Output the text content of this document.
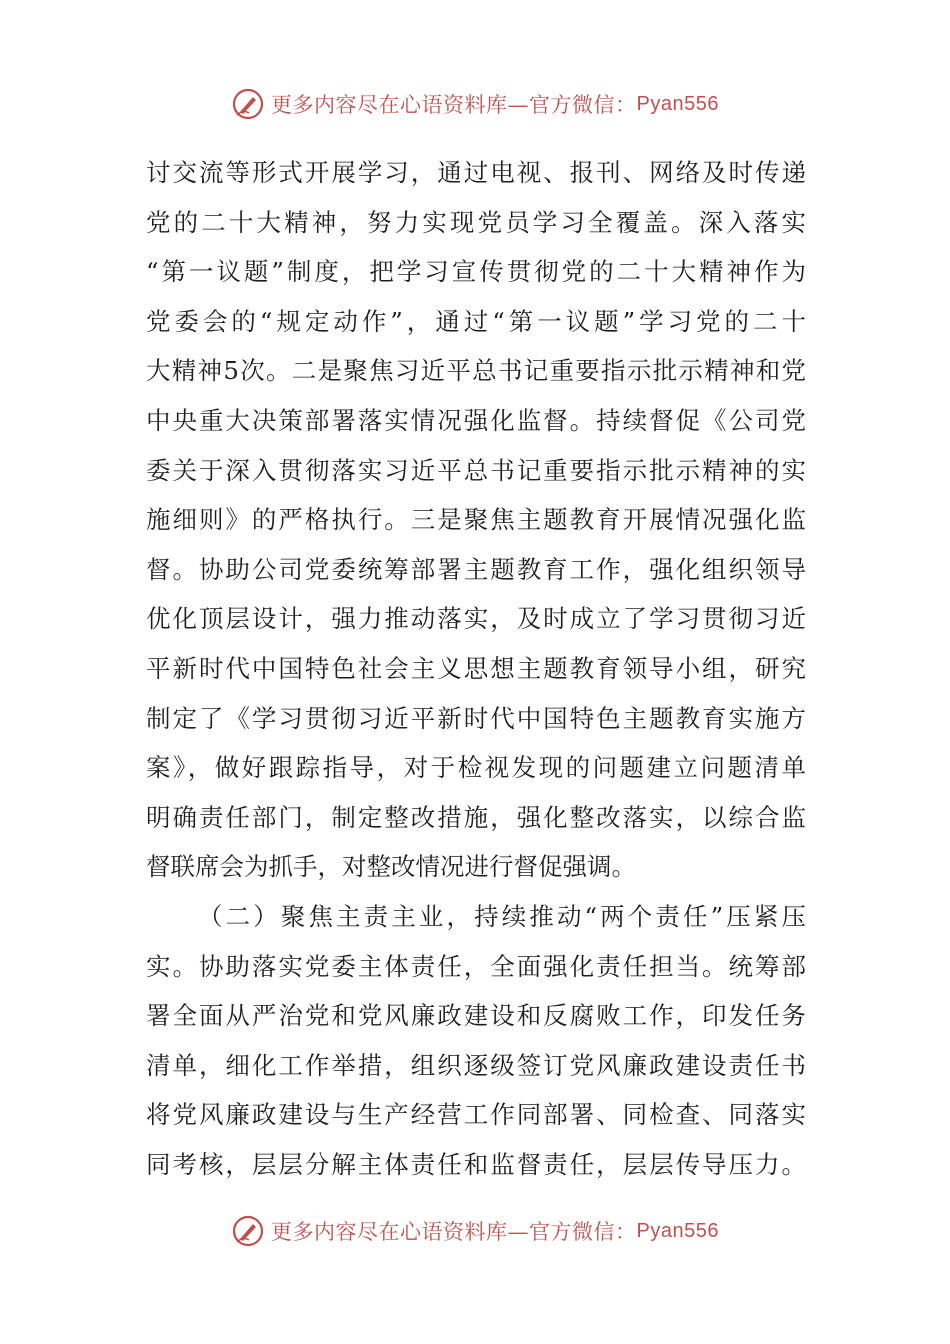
更多内容尽在心语资料库—官方微信： Pyan556
讨交流等形式开展学习，通过电视、报刊、网络及时传递
党的二十大精神，努力实现党员学习全覆盖。深入落实
“第一议题”制度，把学习宣传贯彻党的二十大精神作为
党委会的“规定动作”，通过“第一议题”学习党的二十
大精神5次。二是聚焦习近平总书记重要指示批示精神和党
中央重大决策部署落实情况强化监督。持续督促《公司党
委关于深入贯彻落实习近平总书记重要指示批示精神的实
施细则》的严格执行。三是聚焦主题教育开展情况强化监
督。协助公司党委统筹部署主题教育工作，强化组织领导
优化顶层设计，强力推动落实，及时成立了学习贯彻习近
平新时代中国特色社会主义思想主题教育领导小组，研究
制定了《学习贯彻习近平新时代中国特色主题教育实施方
案》，做好跟踪指导，对于检视发现的问题建立问题清单
明确责任部门，制定整改措施，强化整改落实，以综合监
督联席会为抓手，对整改情况进行督促强调。
（二）聚焦主责主业，持续推动“两个责任”压紧压
实。协助落实党委主体责任，全面强化责任担当。统筹部
署全面从严治党和党风廉政建设和反腐败工作，印发任务
清单，细化工作举措，组织逐级签订党风廉政建设责任书
将党风廉政建设与生产经营工作同部署、同检查、同落实
同考核，层层分解主体责任和监督责任，层层传导压力。
更多内容尽在心语资料库—官方微信： Pyan556
